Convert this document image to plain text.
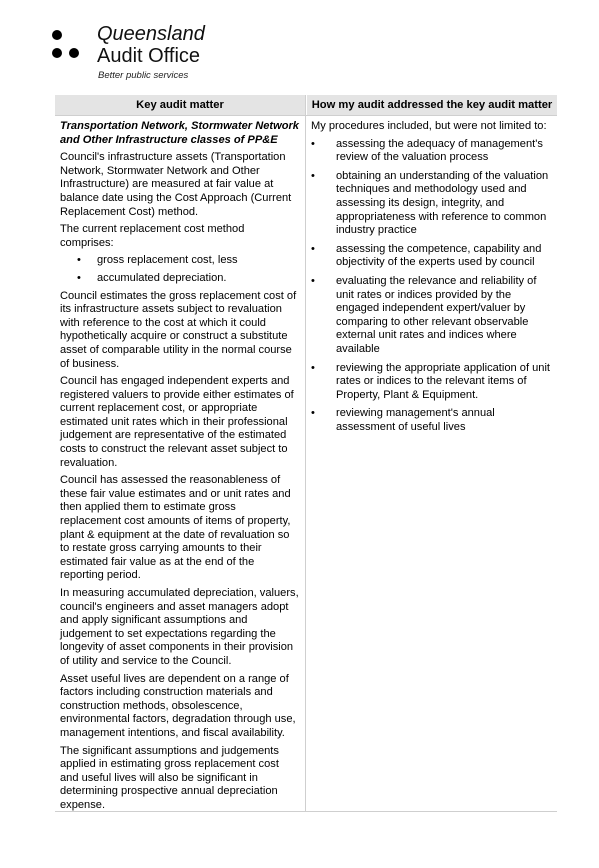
Queensland
Audit Office
Better public services
Key audit matter	How my audit addressed the key audit matter

Transportation Network, Stormwater Network and Other Infrastructure classes of PP&E

Council's infrastructure assets (Transportation Network, Stormwater Network and Other Infrastructure) are measured at fair value at balance date using the Cost Approach (Current Replacement Cost) method.

The current replacement cost method comprises:

• gross replacement cost, less
• accumulated depreciation.

Council estimates the gross replacement cost of its infrastructure assets subject to revaluation with reference to the cost at which it could hypothetically acquire or construct a substitute asset of comparable utility in the normal course of business.

Council has engaged independent experts and registered valuers to provide either estimates of current replacement cost, or appropriate estimated unit rates which in their professional judgement are representative of the estimated costs to construct the relevant asset subject to revaluation.

Council has assessed the reasonableness of these fair value estimates and or unit rates and then applied them to estimate gross replacement cost amounts of items of property, plant & equipment at the date of revaluation so to restate gross carrying amounts to their estimated fair value as at the end of the reporting period.

In measuring accumulated depreciation, valuers, council's engineers and asset managers adopt and apply significant assumptions and judgement to set expectations regarding the longevity of asset components in their provision of utility and service to the Council.

Asset useful lives are dependent on a range of factors including construction materials and construction methods, obsolescence, environmental factors, degradation through use, management intentions, and fiscal availability.

The significant assumptions and judgements applied in estimating gross replacement cost and useful lives will also be significant in determining prospective annual depreciation expense.

My procedures included, but were not limited to:

• assessing the adequacy of management's review of the valuation process
• obtaining an understanding of the valuation techniques and methodology used and assessing its design, integrity, and appropriateness with reference to common industry practice
• assessing the competence, capability and objectivity of the experts used by council
• evaluating the relevance and reliability of unit rates or indices provided by the engaged independent expert/valuer by comparing to other relevant observable external unit rates and indices where available
• reviewing the appropriate application of unit rates or indices to the relevant items of Property, Plant & Equipment.
• reviewing management's annual assessment of useful lives
